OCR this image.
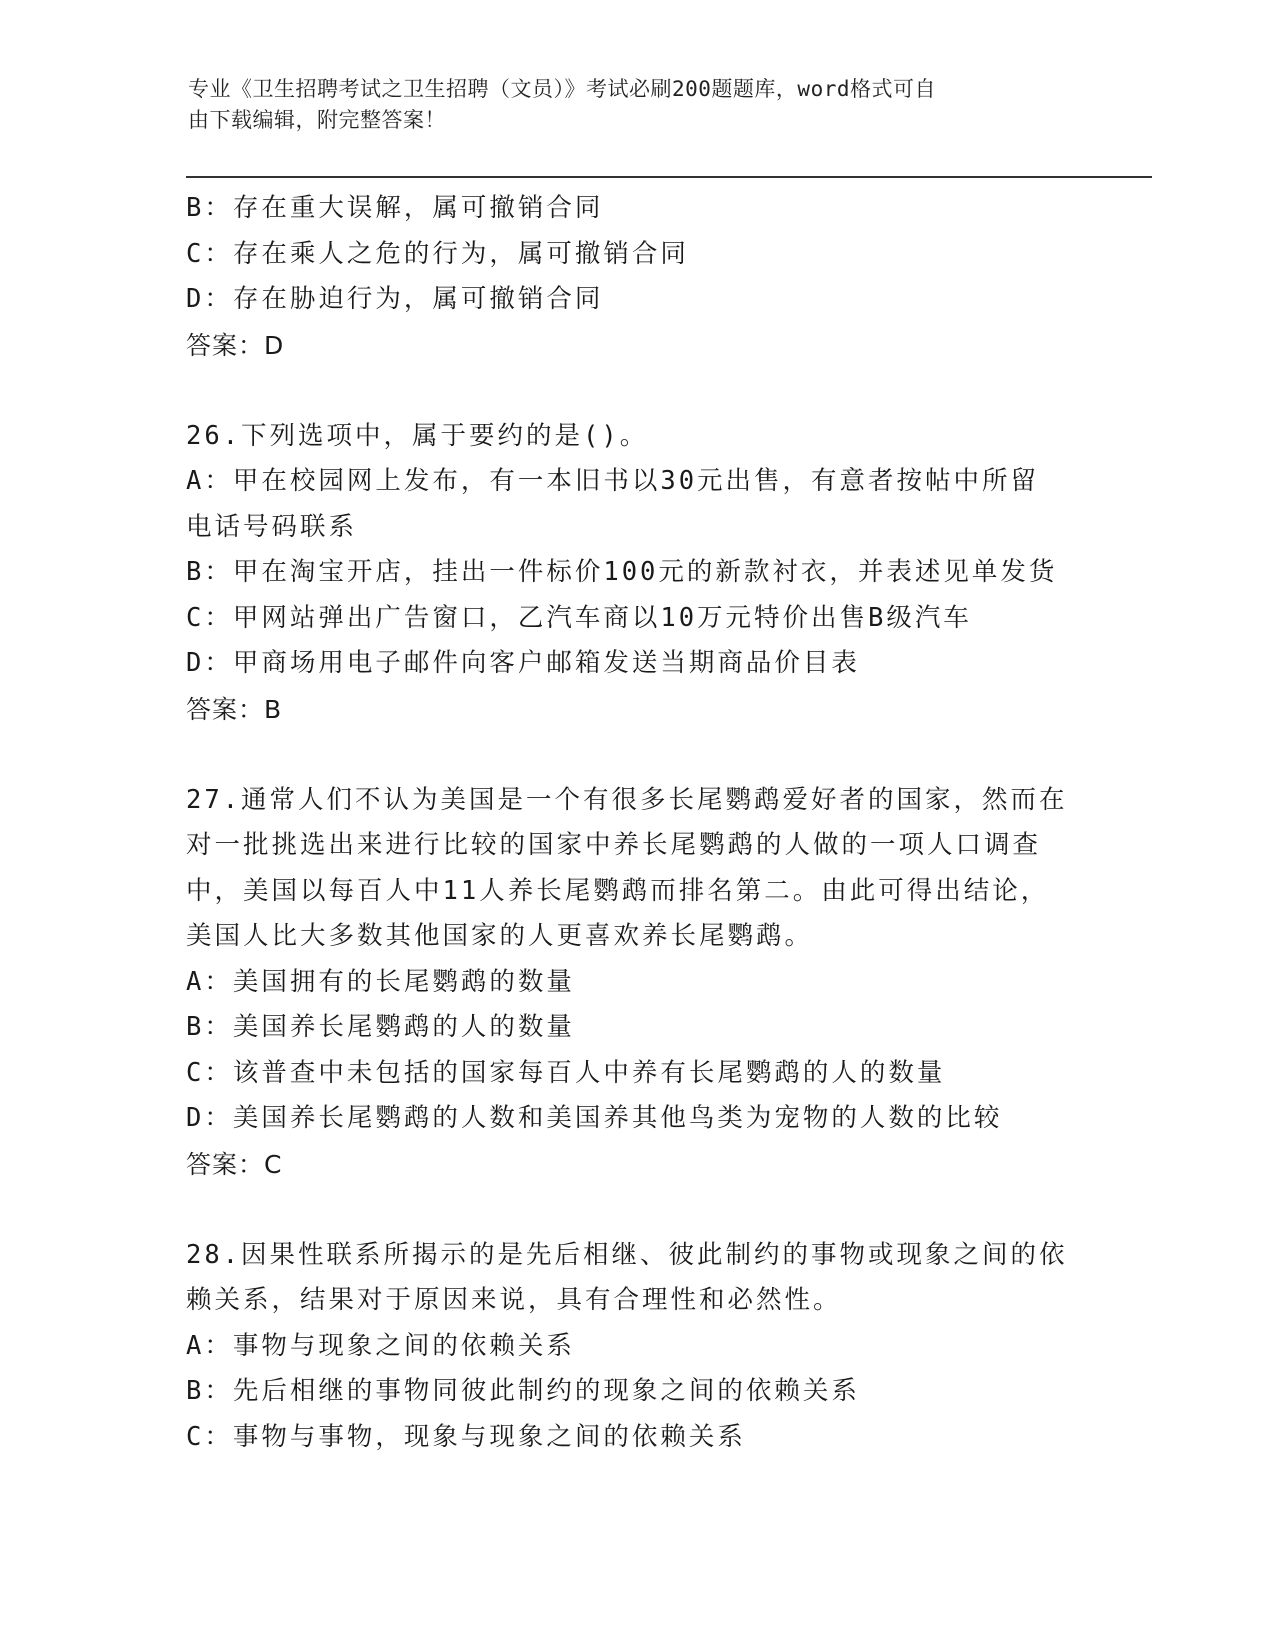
专业《卫生招聘考试之卫生招聘（文员）》考试必刷200题题库，word格式可自
由下载编辑，附完整答案！

B：存在重大误解，属可撤销合同

C：存在乘人之危的行为，属可撤销合同

D：存在胁迫行为，属可撤销合同

答案：D

26.下列选项中，属于要约的是()。

A：甲在校园网上发布，有一本旧书以30元出售，有意者按帖中所留

电话号码联系

B：甲在淘宝开店，挂出一件标价100元的新款衬衣，并表述见单发货

C：甲网站弹出广告窗口，乙汽车商以10万元特价出售B级汽车

D：甲商场用电子邮件向客户邮箱发送当期商品价目表

答案：B

27.通常人们不认为美国是一个有很多长尾鹦鹉爱好者的国家，然而在

对一批挑选出来进行比较的国家中养长尾鹦鹉的人做的一项人口调查

中，美国以每百人中11人养长尾鹦鹉而排名第二。由此可得出结论，

美国人比大多数其他国家的人更喜欢养长尾鹦鹉。

A：美国拥有的长尾鹦鹉的数量

B：美国养长尾鹦鹉的人的数量

C：该普查中未包括的国家每百人中养有长尾鹦鹉的人的数量

D：美国养长尾鹦鹉的人数和美国养其他鸟类为宠物的人数的比较

答案：C

28.因果性联系所揭示的是先后相继、彼此制约的事物或现象之间的依

赖关系，结果对于原因来说，具有合理性和必然性。

A：事物与现象之间的依赖关系

B：先后相继的事物同彼此制约的现象之间的依赖关系

C：事物与事物，现象与现象之间的依赖关系
